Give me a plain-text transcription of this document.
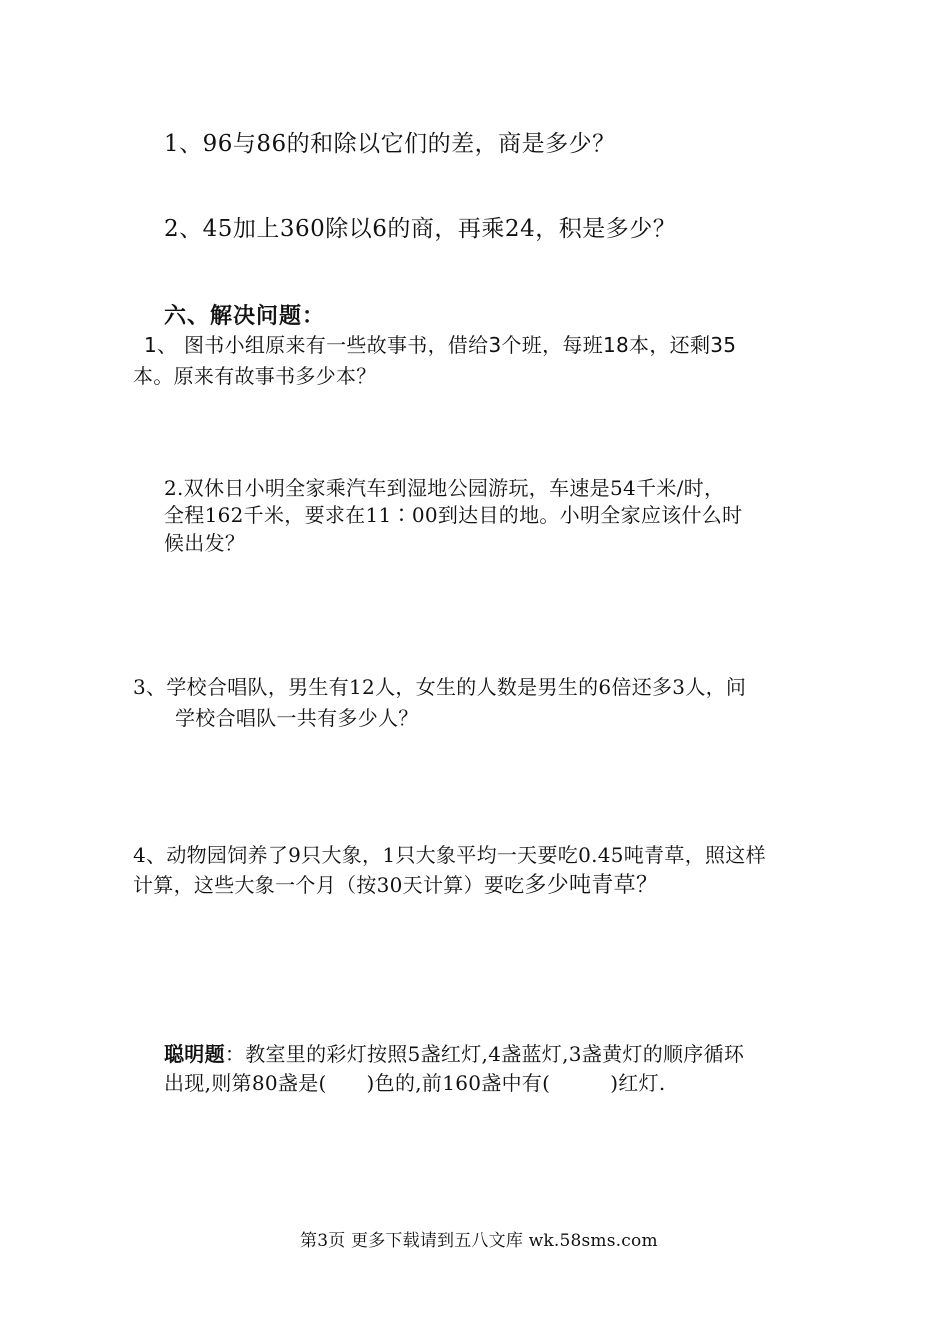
1、96与86的和除以它们的差，商是多少？
2、45加上360除以6的商，再乘24，积是多少？
六、解决问题：
1、 图书小组原来有一些故事书，借给3个班，每班18本，还剩35
本。原来有故事书多少本？
2.双休日小明全家乘汽车到湿地公园游玩，车速是54千米/时，
全程162千米，要求在11∶00到达目的地。小明全家应该什么时
候出发？
3、学校合唱队，男生有12人，女生的人数是男生的6倍还多3人，问
学校合唱队一共有多少人？
4、动物园饲养了9只大象，1只大象平均一天要吃0.45吨青草，照这样
计算，这些大象一个月（按30天计算）要吃多少吨青草？
聪明题：教室里的彩灯按照5盏红灯,4盏蓝灯,3盏黄灯的顺序循环
出现,则第80盏是(      )色的,前160盏中有(         )红灯.
第3页 更多下载请到五八文库 wk.58sms.com
